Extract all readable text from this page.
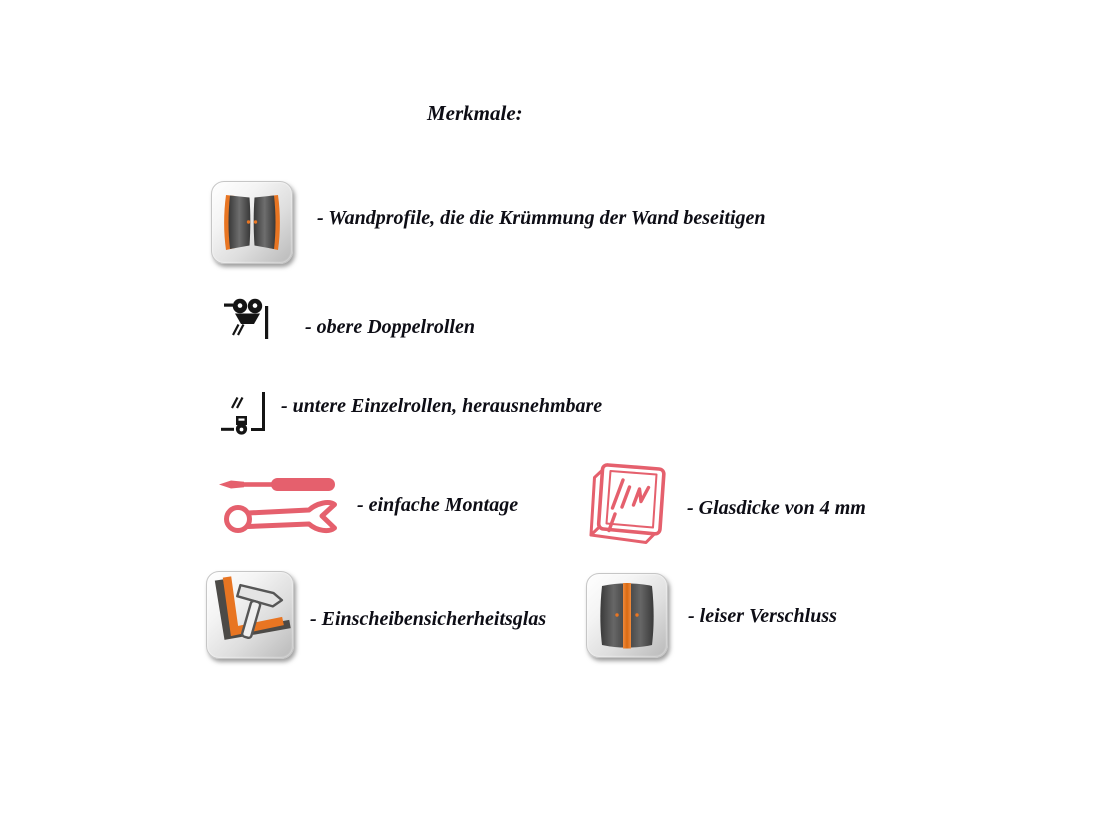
Merkmale:
- Wandprofile, die die Krümmung der Wand beseitigen
- obere Doppelrollen
- untere Einzelrollen, herausnehmbare
- einfache Montage	- Glasdicke von 4 mm
- Einscheibensicherheitsglas	- leiser Verschluss
